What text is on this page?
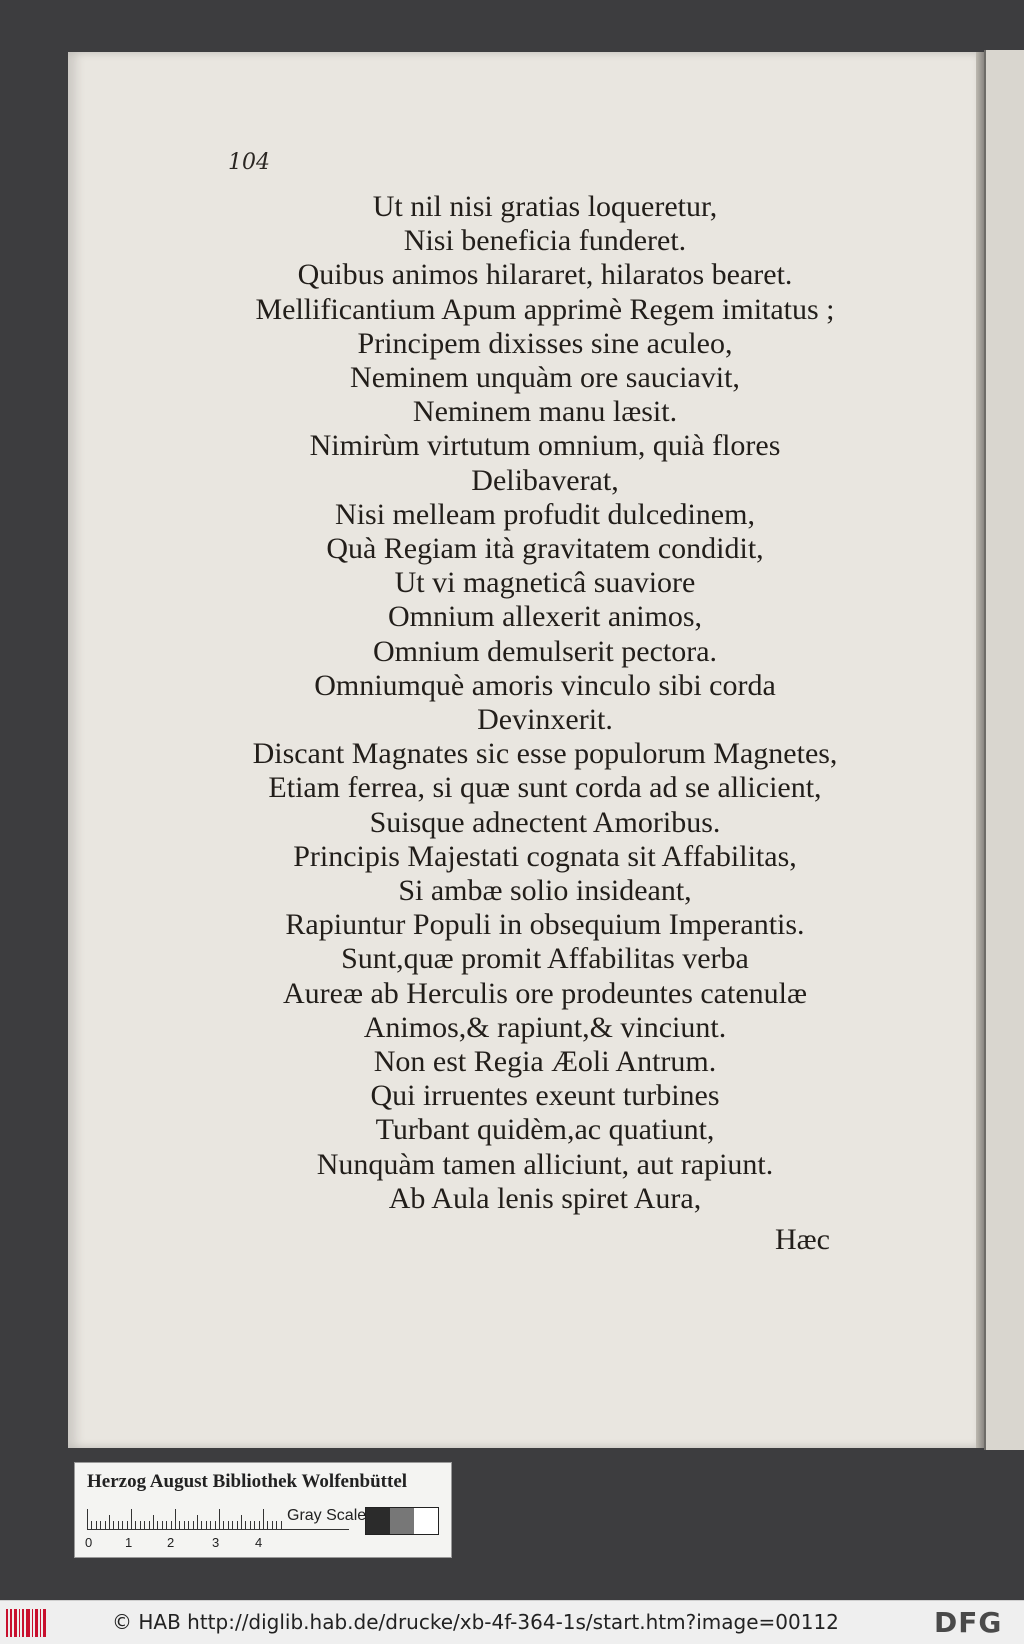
104

Ut nil nisi gratias loqueretur,
Nisi beneficia funderet.
Quibus animos hilararet, hilaratos bearet.
Mellificantium Apum apprimè Regem imitatus ;
Principem dixisses sine aculeo,
Neminem unquàm ore sauciavit,
Neminem manu læsit.
Nimirùm virtutum omnium, quià flores
Delibaverat,
Nisi melleam profudit dulcedinem,
Quà Regiam ità gravitatem condidit,
Ut vi magneticâ suaviore
Omnium allexerit animos,
Omnium demulserit pectora.
Omniumquè amoris vinculo sibi corda
Devinxerit.
Discant Magnates sic esse populorum Magnetes,
Etiam ferrea, si quæ sunt corda ad se allicient,
Suisque adnectent Amoribus.
Principis Majestati cognata sit Affabilitas,
Si ambæ solio insideant,
Rapiuntur Populi in obsequium Imperantis.
Sunt,quæ promit Affabilitas verba
Aureæ ab Herculis ore prodeuntes catenulæ
Animos,& rapiunt,& vinciunt.
Non est Regia Æoli Antrum.
Qui irruentes exeunt turbines
Turbant quidèm,ac quatiunt,
Nunquàm tamen alliciunt, aut rapiunt.
Ab Aula lenis spiret Aura,

Hæc

Herzog August Bibliothek Wolfenbüttel
0	1	2	3	4
Gray Scale
© HAB http://diglib.hab.de/drucke/xb-4f-364-1s/start.htm?image=00112	DFG
